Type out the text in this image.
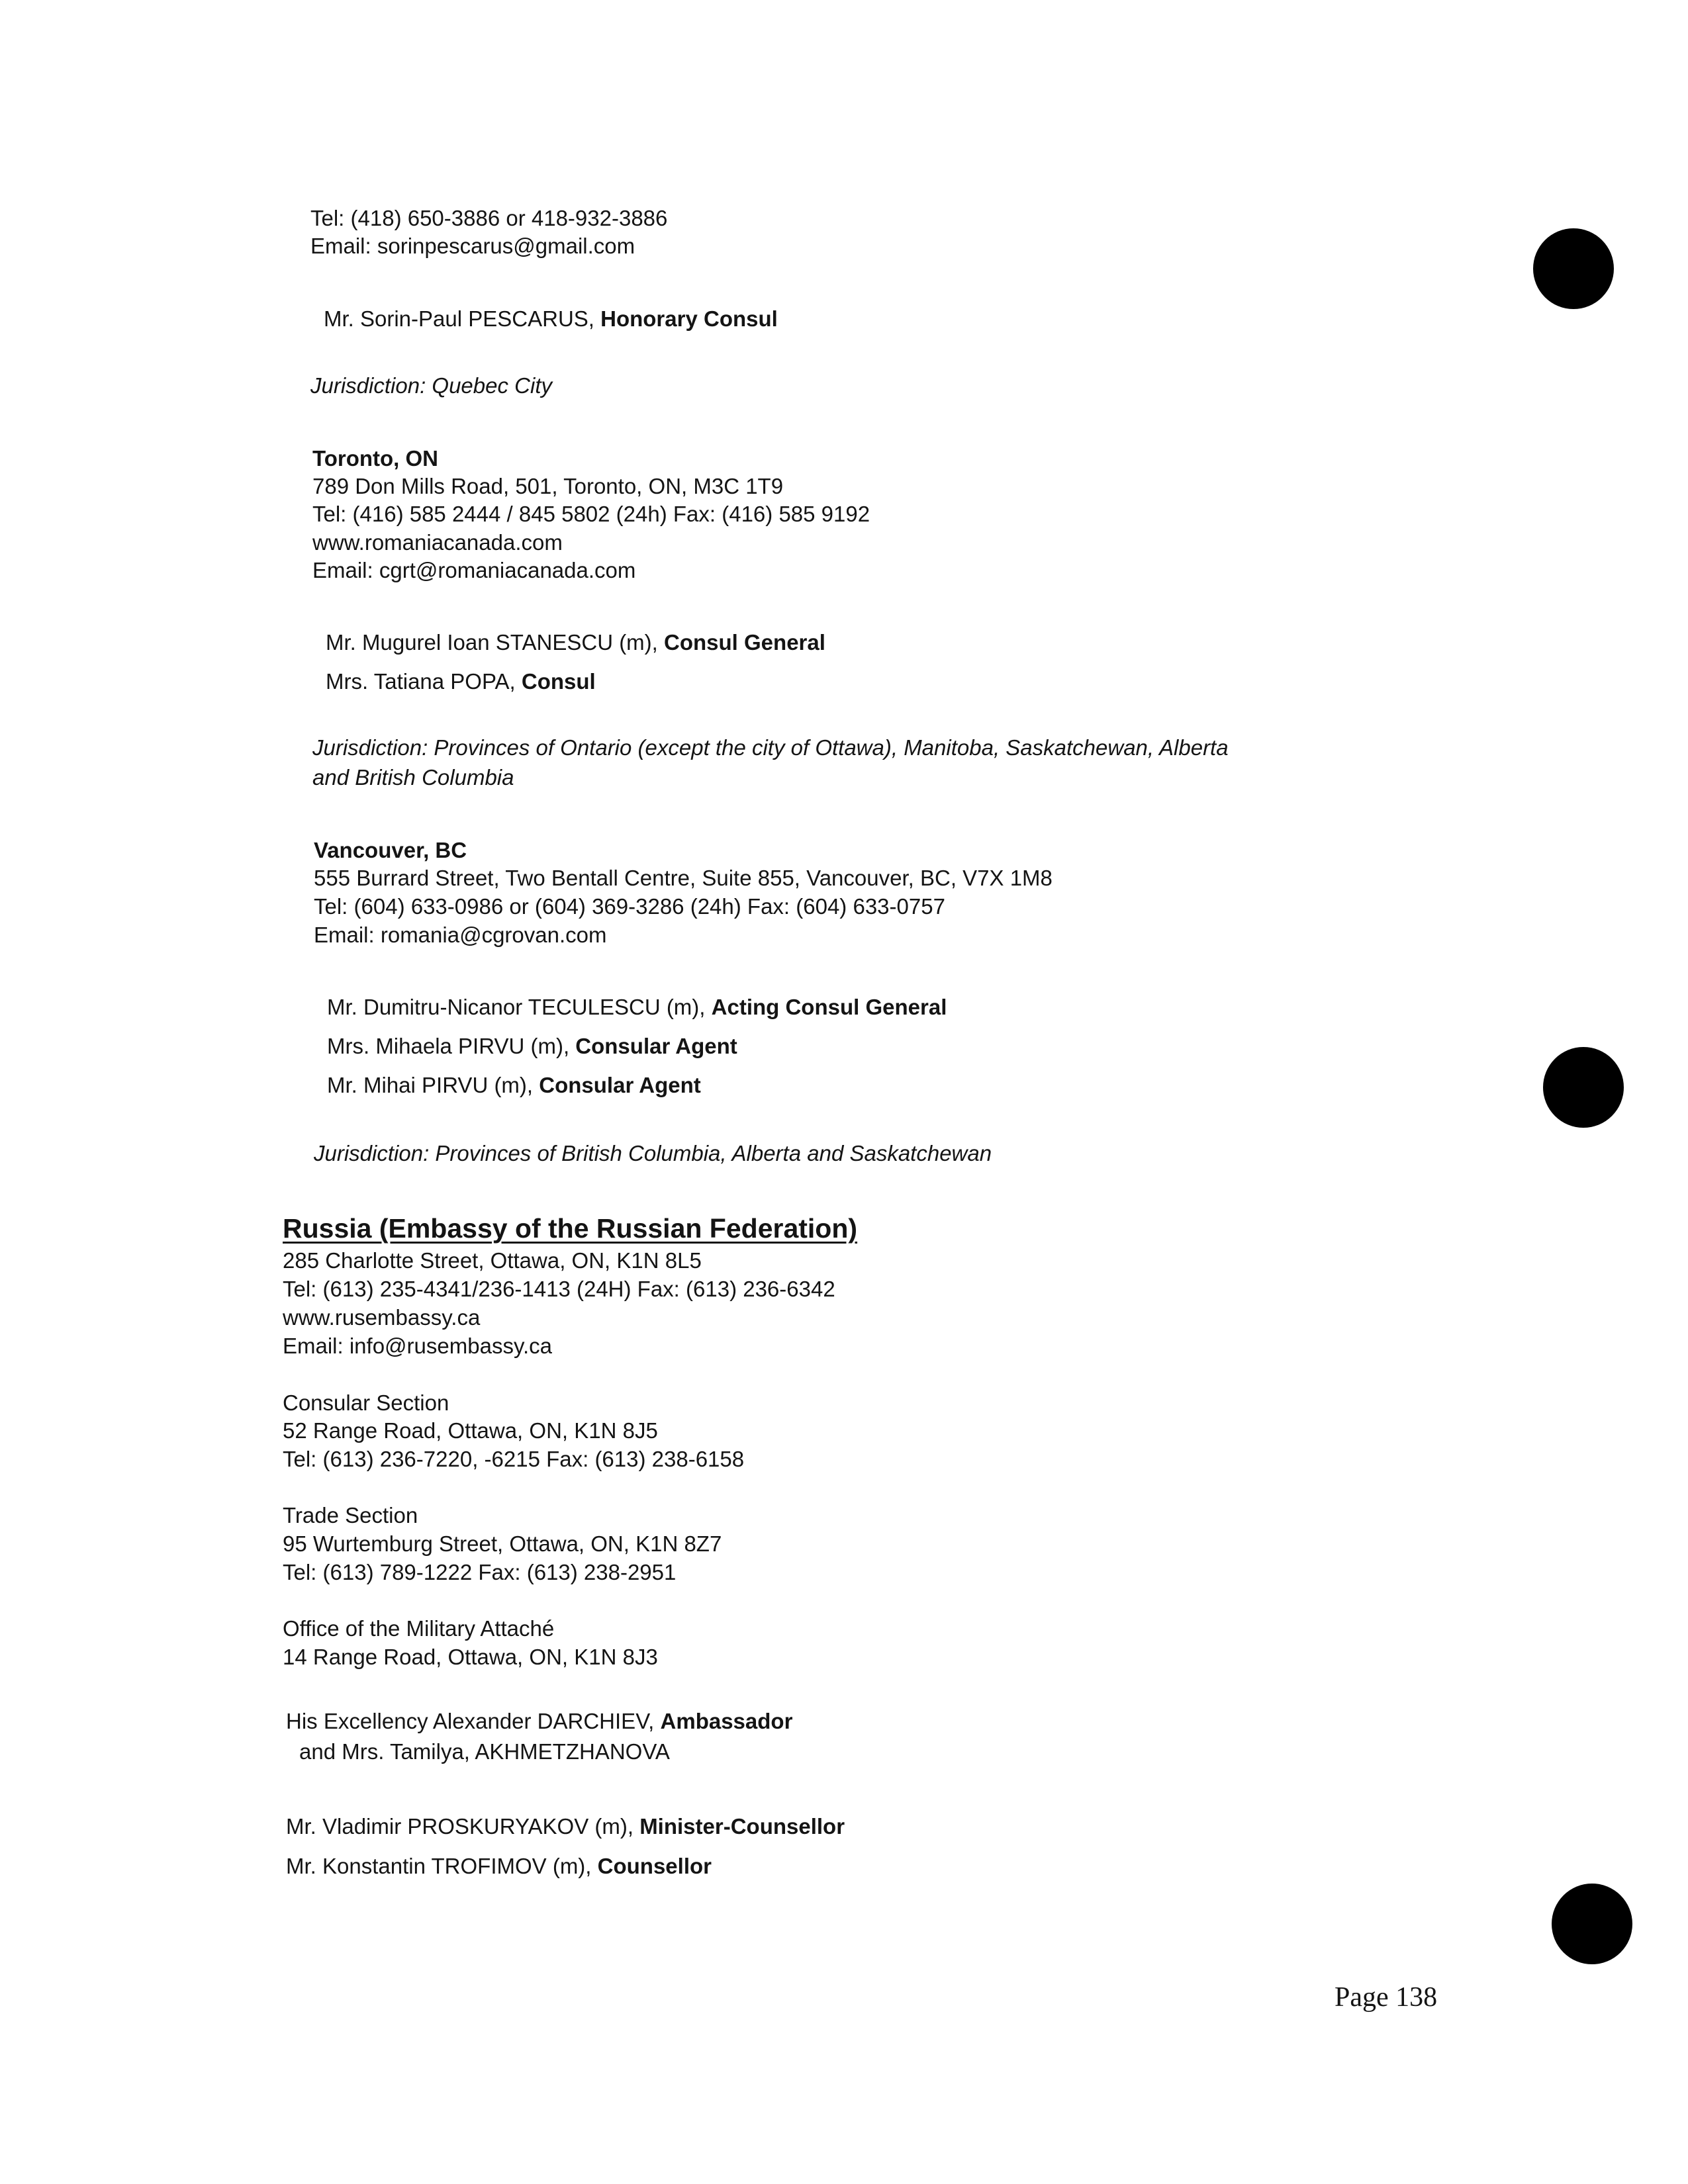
Tel: (418) 650-3886 or 418-932-3886
Email: sorinpescarus@gmail.com
Mr. Sorin-Paul PESCARUS, Honorary Consul
Jurisdiction: Quebec City
Toronto, ON
789 Don Mills Road, 501, Toronto, ON, M3C 1T9
Tel: (416) 585 2444 / 845 5802 (24h) Fax: (416) 585 9192
www.romaniacanada.com
Email: cgrt@romaniacanada.com
Mr. Mugurel Ioan STANESCU (m), Consul General
Mrs. Tatiana POPA, Consul
Jurisdiction: Provinces of Ontario (except the city of Ottawa), Manitoba, Saskatchewan, Alberta
and British Columbia
Vancouver, BC
555 Burrard Street, Two Bentall Centre, Suite 855, Vancouver, BC, V7X 1M8
Tel: (604) 633-0986 or (604) 369-3286 (24h) Fax: (604) 633-0757
Email: romania@cgrovan.com
Mr. Dumitru-Nicanor TECULESCU (m), Acting Consul General
Mrs. Mihaela PIRVU (m), Consular Agent
Mr. Mihai PIRVU (m), Consular Agent
Jurisdiction: Provinces of British Columbia, Alberta and Saskatchewan
Russia (Embassy of the Russian Federation)
285 Charlotte Street, Ottawa, ON, K1N 8L5
Tel: (613) 235-4341/236-1413 (24H) Fax: (613) 236-6342
www.rusembassy.ca
Email: info@rusembassy.ca
Consular Section
52 Range Road, Ottawa, ON, K1N 8J5
Tel: (613) 236-7220, -6215 Fax: (613) 238-6158
Trade Section
95 Wurtemburg Street, Ottawa, ON, K1N 8Z7
Tel: (613) 789-1222 Fax: (613) 238-2951
Office of the Military Attaché
14 Range Road, Ottawa, ON, K1N 8J3
His Excellency Alexander DARCHIEV, Ambassador
and Mrs. Tamilya, AKHMETZHANOVA
Mr. Vladimir PROSKURYAKOV (m), Minister-Counsellor
Mr. Konstantin TROFIMOV (m), Counsellor
Page 138
